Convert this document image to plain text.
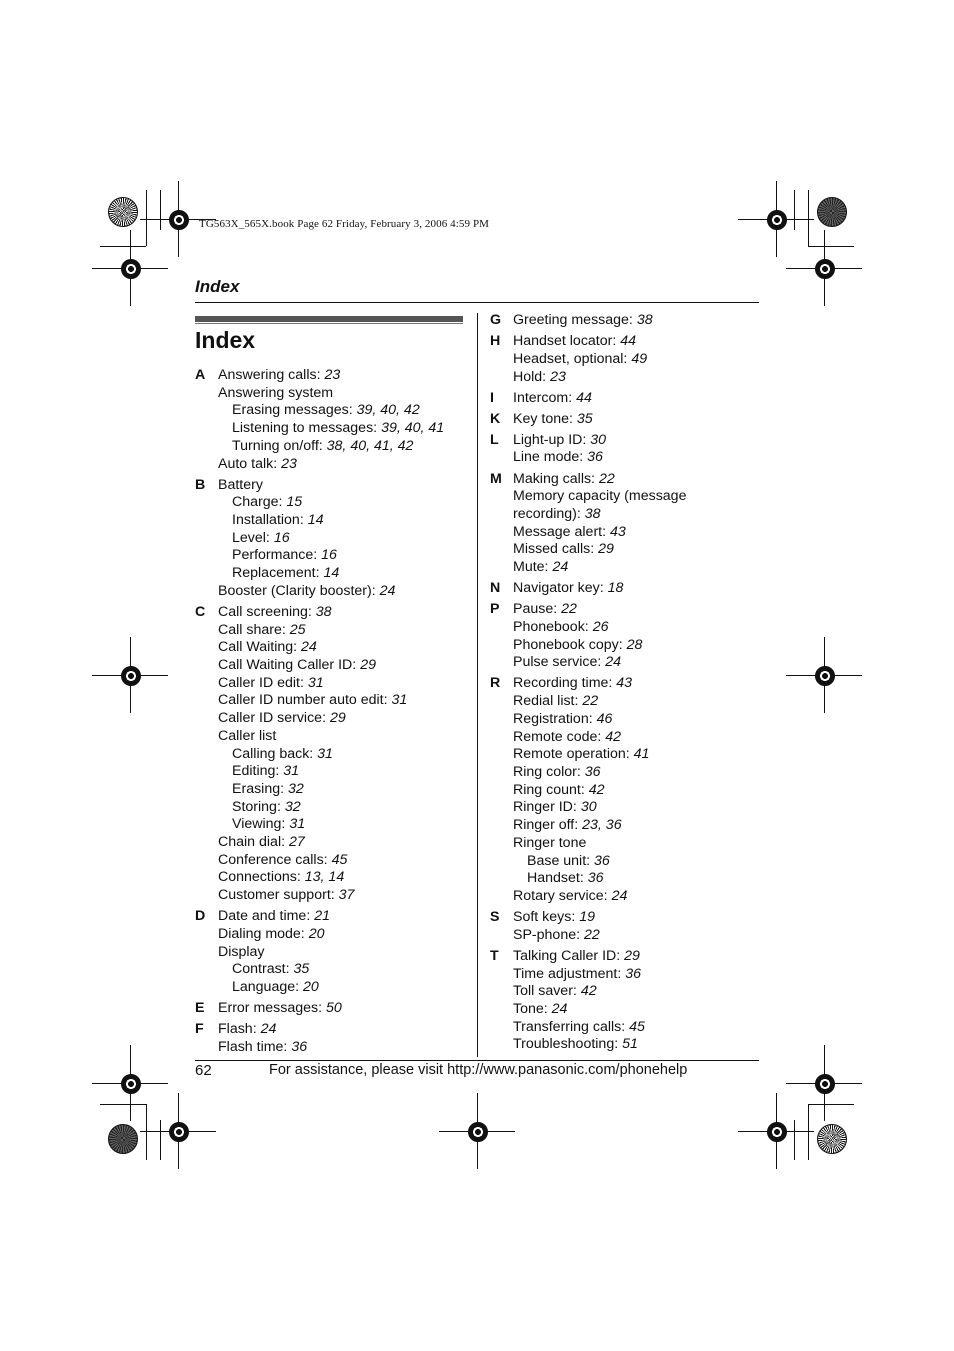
TG563X_565X.book Page 62 Friday, February 3, 2006 4:59 PM
Index
Index
A Answering calls: 23
Answering system
Erasing messages: 39, 40, 42
Listening to messages: 39, 40, 41
Turning on/off: 38, 40, 41, 42
Auto talk: 23
B Battery
Charge: 15
Installation: 14
Level: 16
Performance: 16
Replacement: 14
Booster (Clarity booster): 24
C Call screening: 38
Call share: 25
Call Waiting: 24
Call Waiting Caller ID: 29
Caller ID edit: 31
Caller ID number auto edit: 31
Caller ID service: 29
Caller list
Calling back: 31
Editing: 31
Erasing: 32
Storing: 32
Viewing: 31
Chain dial: 27
Conference calls: 45
Connections: 13, 14
Customer support: 37
D Date and time: 21
Dialing mode: 20
Display
Contrast: 35
Language: 20
E Error messages: 50
F Flash: 24
Flash time: 36
G Greeting message: 38
H Handset locator: 44
Headset, optional: 49
Hold: 23
I Intercom: 44
K Key tone: 35
L Light-up ID: 30
Line mode: 36
M Making calls: 22
Memory capacity (message
recording): 38
Message alert: 43
Missed calls: 29
Mute: 24
N Navigator key: 18
P Pause: 22
Phonebook: 26
Phonebook copy: 28
Pulse service: 24
R Recording time: 43
Redial list: 22
Registration: 46
Remote code: 42
Remote operation: 41
Ring color: 36
Ring count: 42
Ringer ID: 30
Ringer off: 23, 36
Ringer tone
Base unit: 36
Handset: 36
Rotary service: 24
S Soft keys: 19
SP-phone: 22
T Talking Caller ID: 29
Time adjustment: 36
Toll saver: 42
Tone: 24
Transferring calls: 45
Troubleshooting: 51
62	For assistance, please visit http://www.panasonic.com/phonehelp
